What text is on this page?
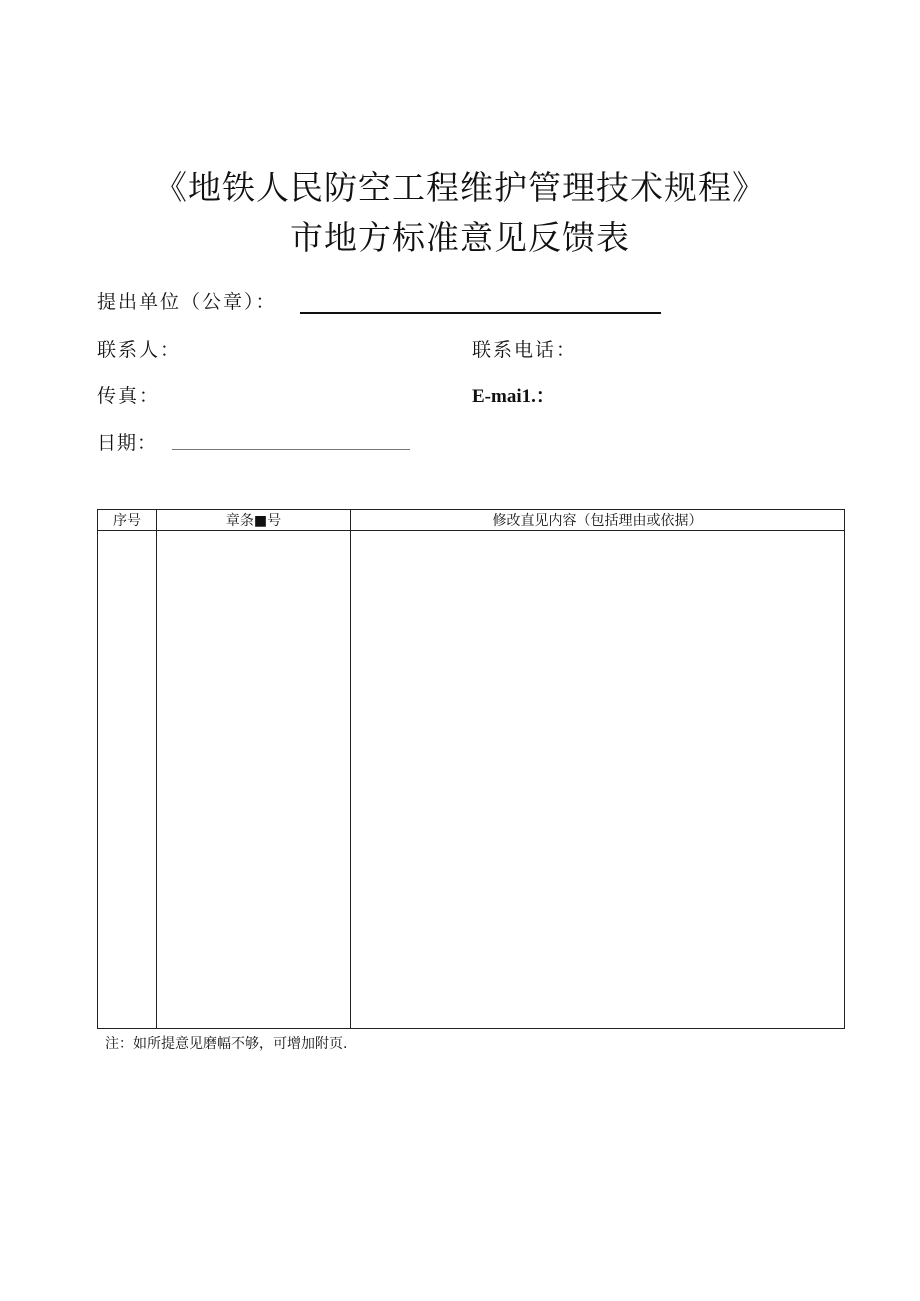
《地铁人民防空工程维护管理技术规程》
市地方标准意见反馈表
提出单位（公章）：
联系人：	联系电话：
传真：	E-mai1.：
日期：
序号	章条■号	修改直见内容（包括理由或依据）

注：如所提意见磨幅不够，可增加附页.
